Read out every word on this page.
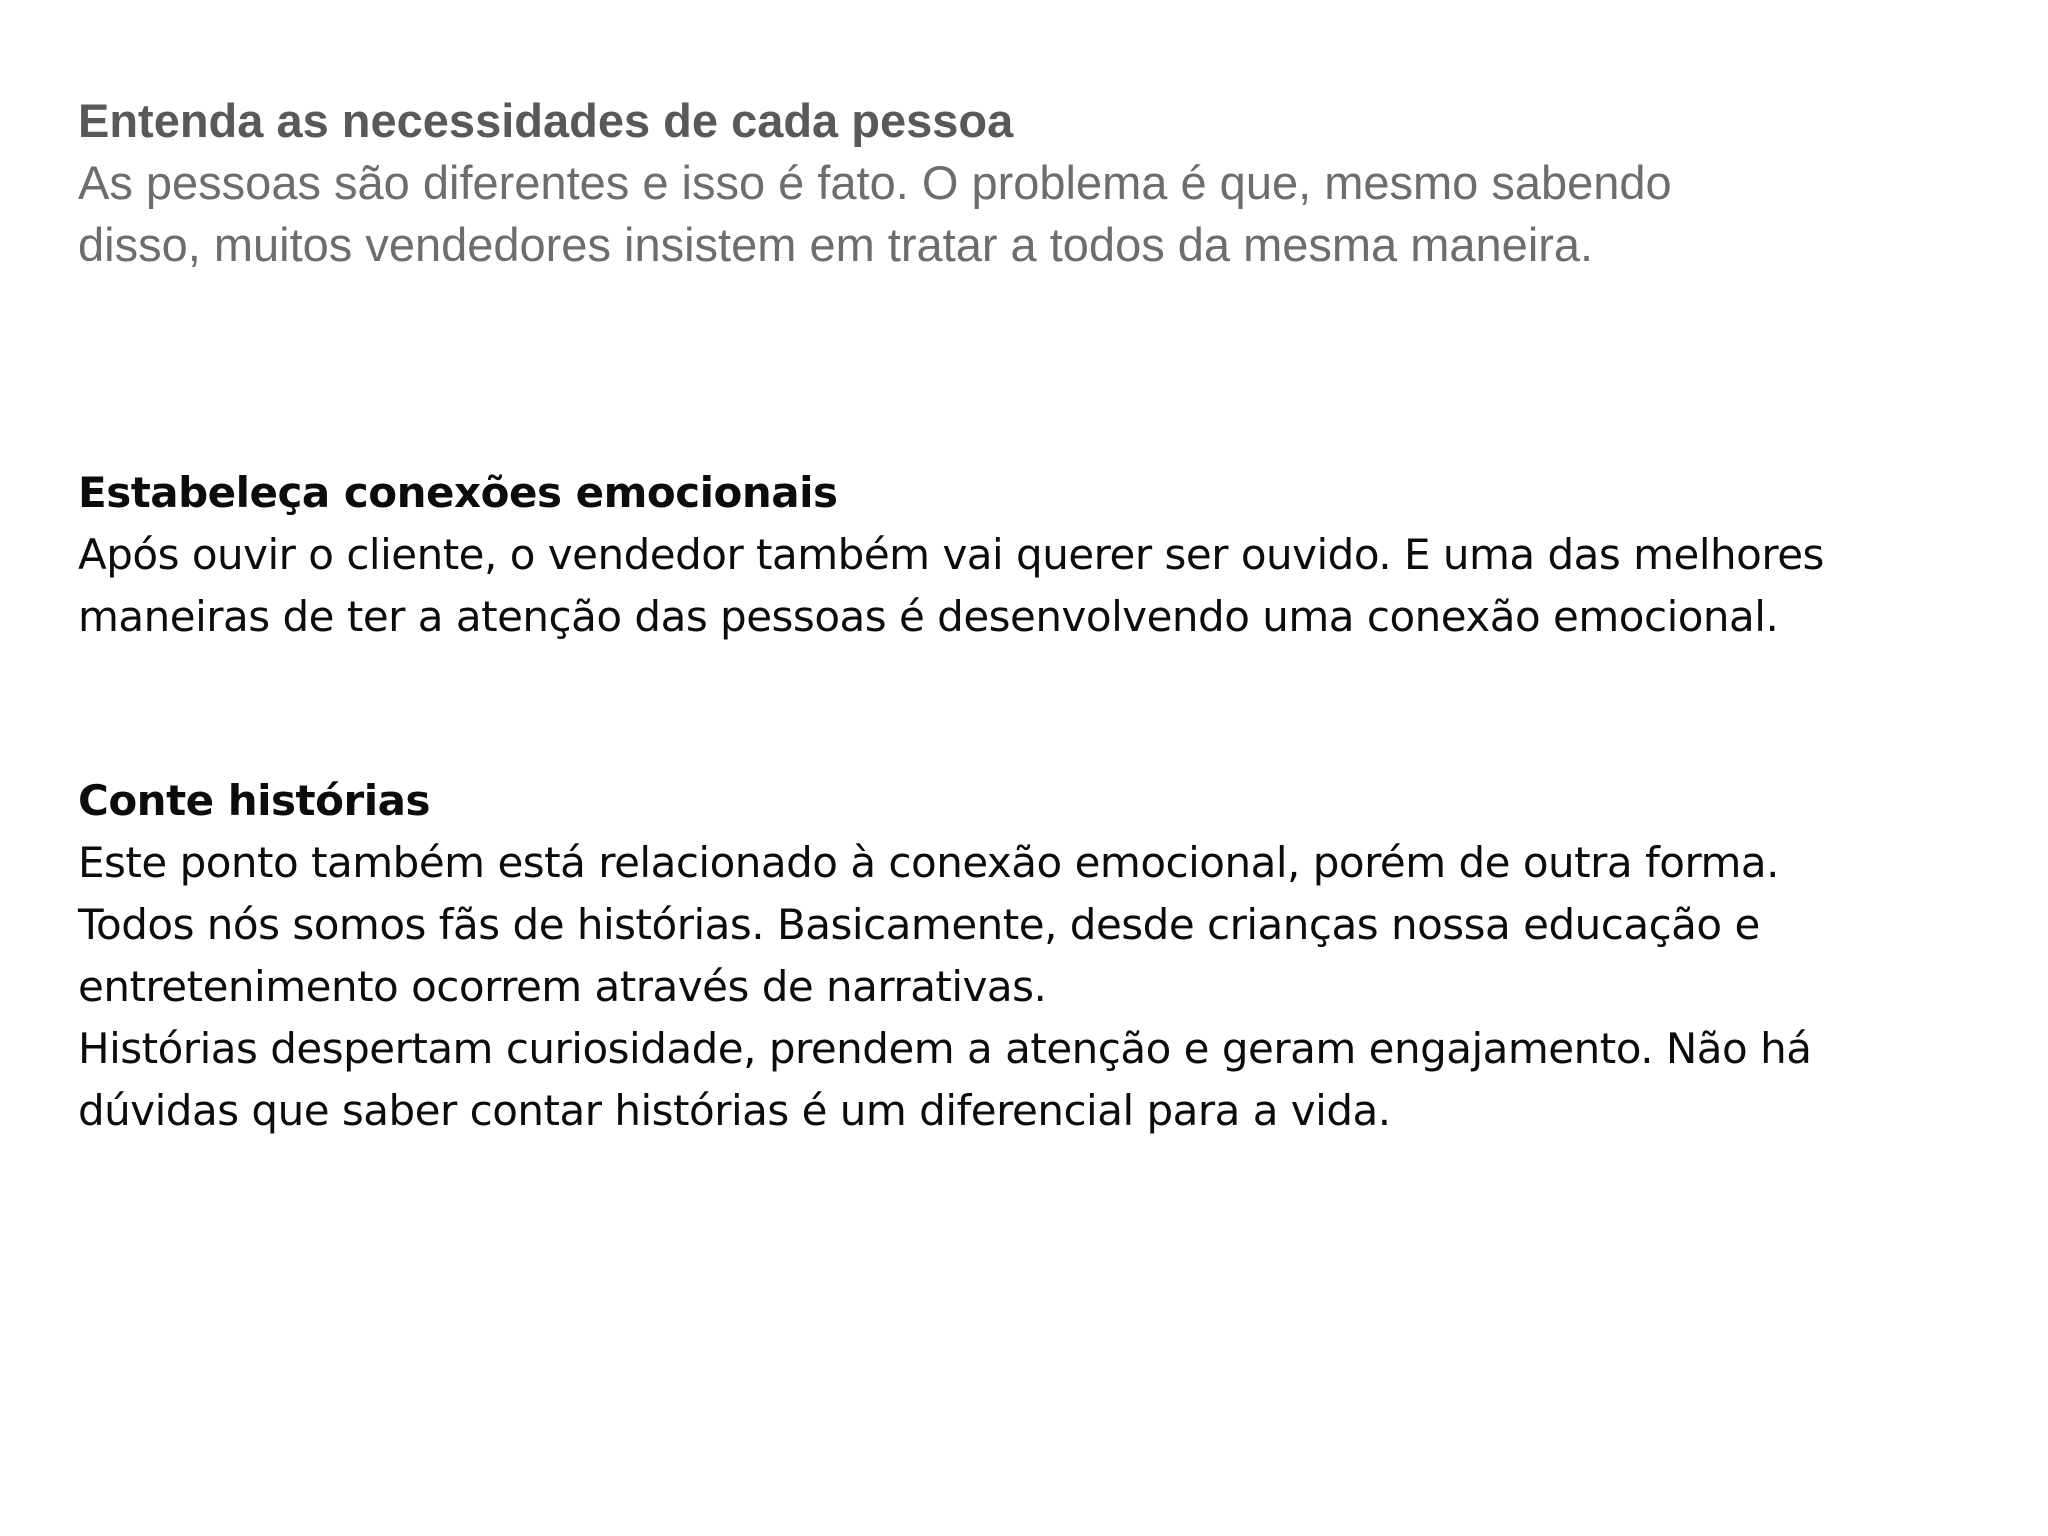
Entenda as necessidades de cada pessoa
As pessoas são diferentes e isso é fato. O problema é que, mesmo sabendo
disso, muitos vendedores insistem em tratar a todos da mesma maneira.
Estabeleça conexões emocionais
Após ouvir o cliente, o vendedor também vai querer ser ouvido. E uma das melhores
maneiras de ter a atenção das pessoas é desenvolvendo uma conexão emocional.
Conte histórias
Este ponto também está relacionado à conexão emocional, porém de outra forma.
Todos nós somos fãs de histórias. Basicamente, desde crianças nossa educação e
entretenimento ocorrem através de narrativas.
Histórias despertam curiosidade, prendem a atenção e geram engajamento. Não há
dúvidas que saber contar histórias é um diferencial para a vida.
